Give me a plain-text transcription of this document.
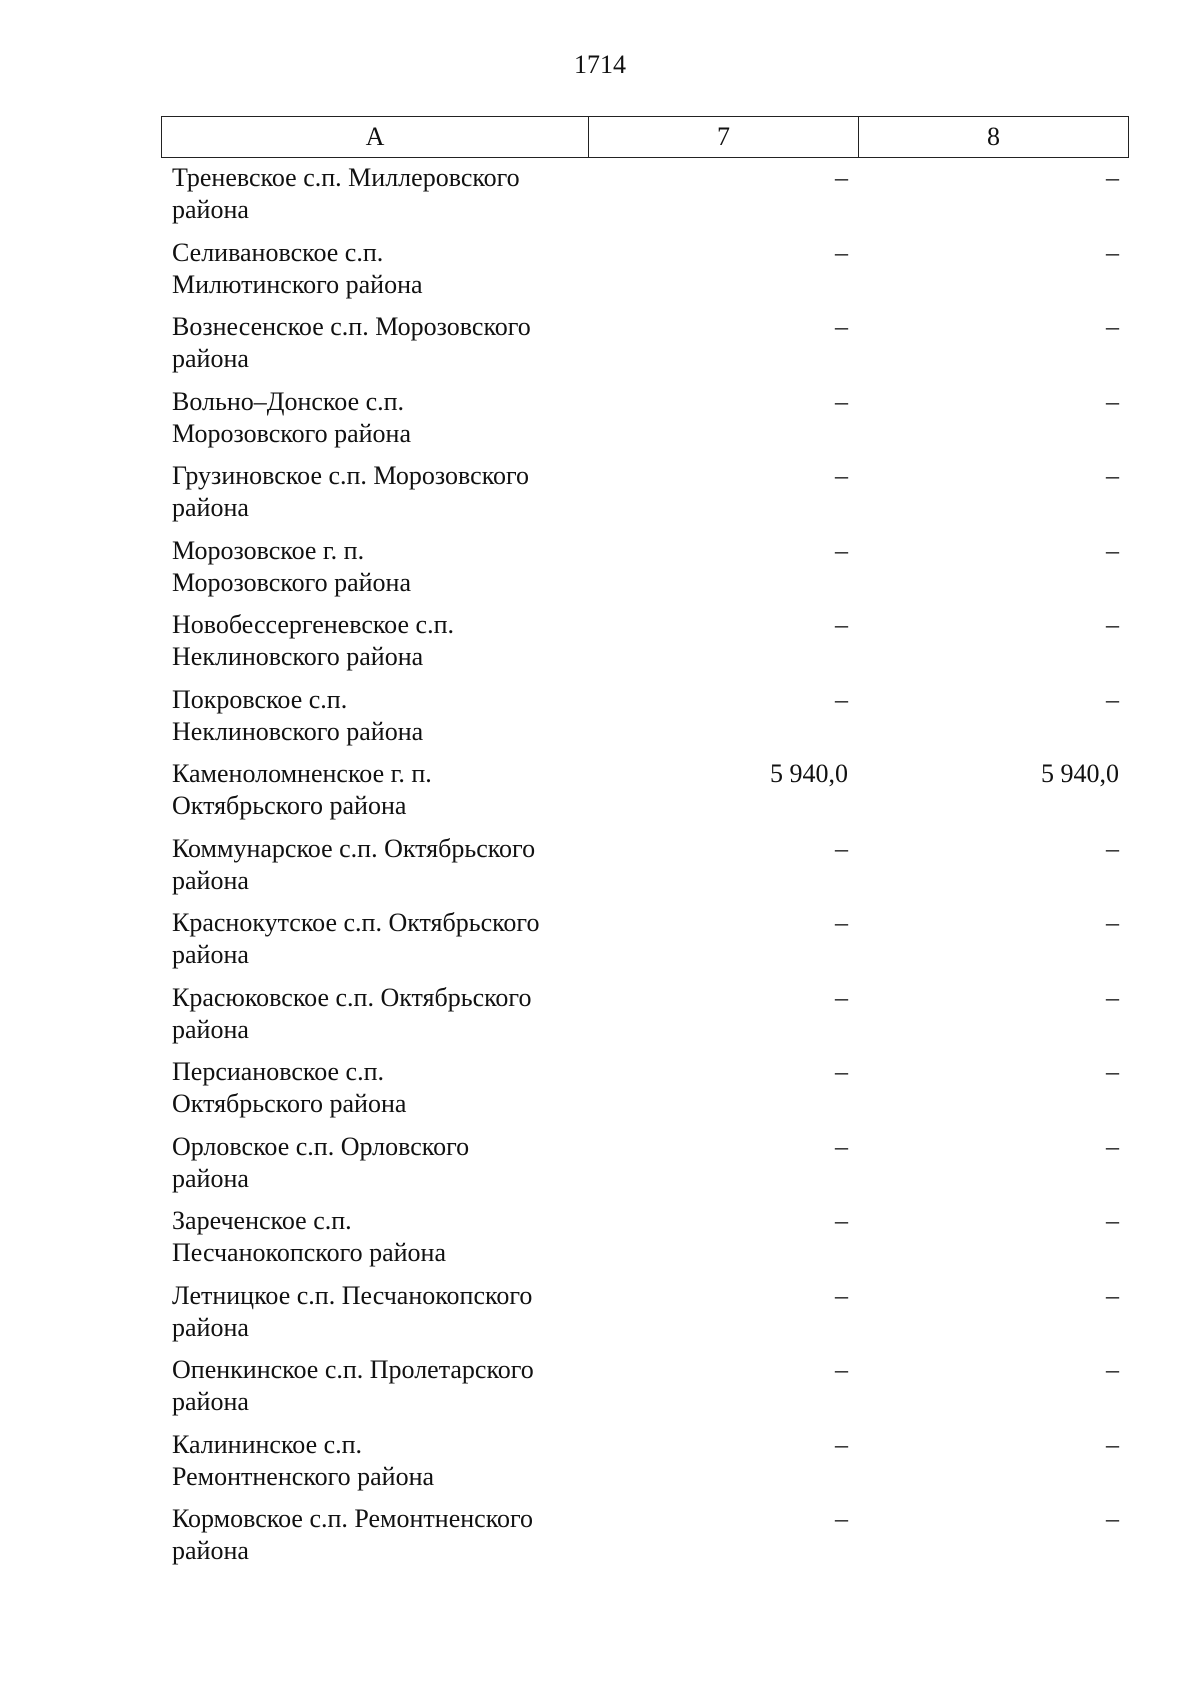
1714
А	7	8
Треневское с.п. Миллеровского
района
–	–
Селивановское с.п.
Милютинского района
–	–
Вознесенское с.п. Морозовского
района
–	–
Вольно–Донское с.п.
Морозовского района
–	–
Грузиновское с.п. Морозовского
района
–	–
Морозовское г. п.
Морозовского района
–	–
Новобессергеневское с.п.
Неклиновского района
–	–
Покровское с.п.
Неклиновского района
–	–
Каменоломненское г. п.
Октябрьского района
5 940,0	5 940,0
Коммунарское с.п. Октябрьского
района
–	–
Краснокутское с.п. Октябрьского
района
–	–
Красюковское с.п. Октябрьского
района
–	–
Персиановское с.п.
Октябрьского района
–	–
Орловское с.п. Орловского
района
–	–
Зареченское с.п.
Песчанокопского района
–	–
Летницкое с.п. Песчанокопского
района
–	–
Опенкинское с.п. Пролетарского
района
–	–
Калининское с.п.
Ремонтненского района
–	–
Кормовское с.п. Ремонтненского
района
–	–
